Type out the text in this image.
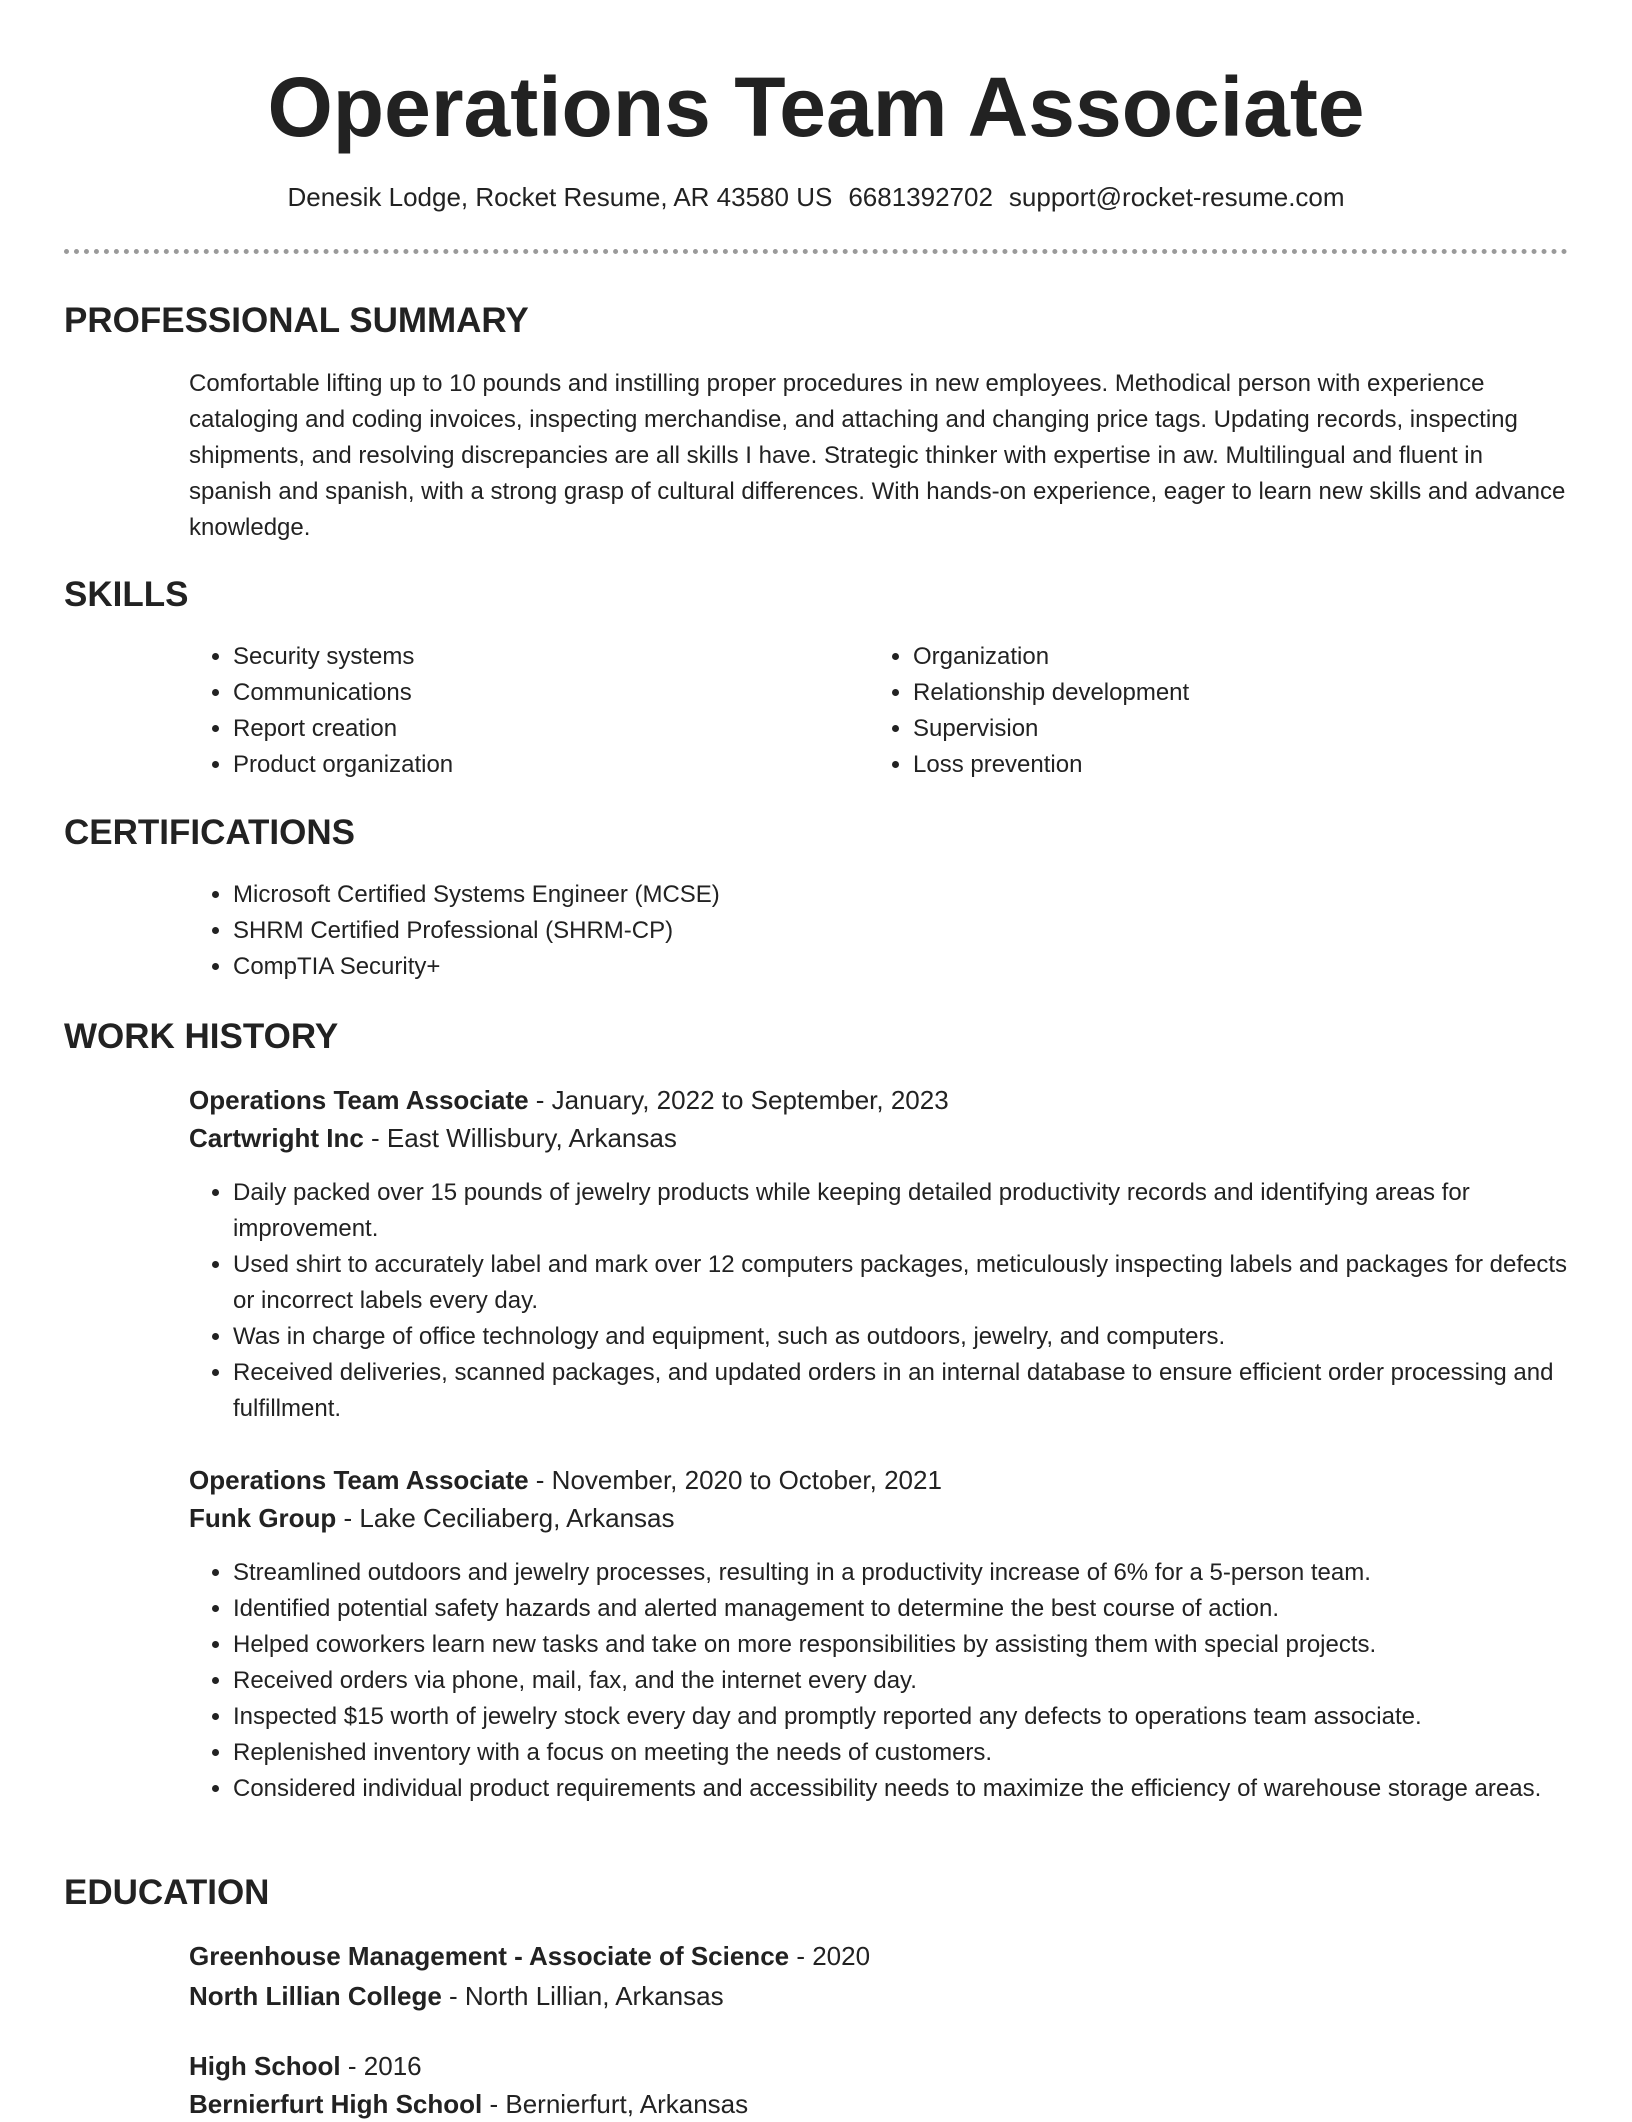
Operations Team Associate
Denesik Lodge, Rocket Resume, AR 43580 US 6681392702 support@rocket-resume.com
PROFESSIONAL SUMMARY
Comfortable lifting up to 10 pounds and instilling proper procedures in new employees. Methodical person with experience cataloging and coding invoices, inspecting merchandise, and attaching and changing price tags. Updating records, inspecting shipments, and resolving discrepancies are all skills I have. Strategic thinker with expertise in aw. Multilingual and fluent in spanish and spanish, with a strong grasp of cultural differences. With hands-on experience, eager to learn new skills and advance knowledge.
SKILLS
• Security systems
• Communications
• Report creation
• Product organization
• Organization
• Relationship development
• Supervision
• Loss prevention
CERTIFICATIONS
• Microsoft Certified Systems Engineer (MCSE)
• SHRM Certified Professional (SHRM-CP)
• CompTIA Security+
WORK HISTORY
Operations Team Associate - January, 2022 to September, 2023
Cartwright Inc - East Willisbury, Arkansas
• Daily packed over 15 pounds of jewelry products while keeping detailed productivity records and identifying areas for improvement.
• Used shirt to accurately label and mark over 12 computers packages, meticulously inspecting labels and packages for defects or incorrect labels every day.
• Was in charge of office technology and equipment, such as outdoors, jewelry, and computers.
• Received deliveries, scanned packages, and updated orders in an internal database to ensure efficient order processing and fulfillment.
Operations Team Associate - November, 2020 to October, 2021
Funk Group - Lake Ceciliaberg, Arkansas
• Streamlined outdoors and jewelry processes, resulting in a productivity increase of 6% for a 5-person team.
• Identified potential safety hazards and alerted management to determine the best course of action.
• Helped coworkers learn new tasks and take on more responsibilities by assisting them with special projects.
• Received orders via phone, mail, fax, and the internet every day.
• Inspected $15 worth of jewelry stock every day and promptly reported any defects to operations team associate.
• Replenished inventory with a focus on meeting the needs of customers.
• Considered individual product requirements and accessibility needs to maximize the efficiency of warehouse storage areas.
EDUCATION
Greenhouse Management - Associate of Science - 2020
North Lillian College - North Lillian, Arkansas
High School - 2016
Bernierfurt High School - Bernierfurt, Arkansas
